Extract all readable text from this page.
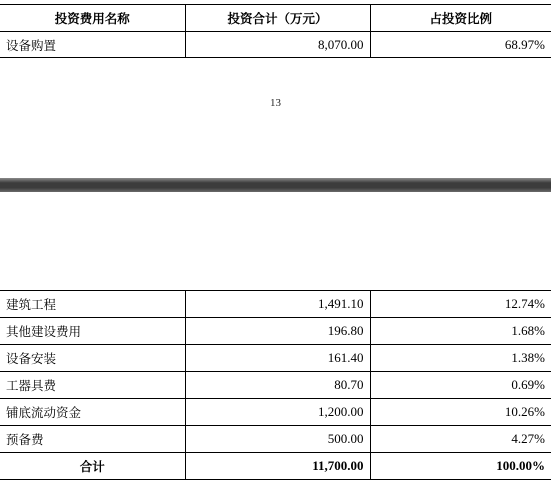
投资费用名称	投资合计（万元）	占投资比例
设备购置	8,070.00	68.97%
13
建筑工程	1,491.10	12.74%
其他建设费用	196.80	1.68%
设备安装	161.40	1.38%
工器具费	80.70	0.69%
铺底流动资金	1,200.00	10.26%
预备费	500.00	4.27%
合计	11,700.00	100.00%
